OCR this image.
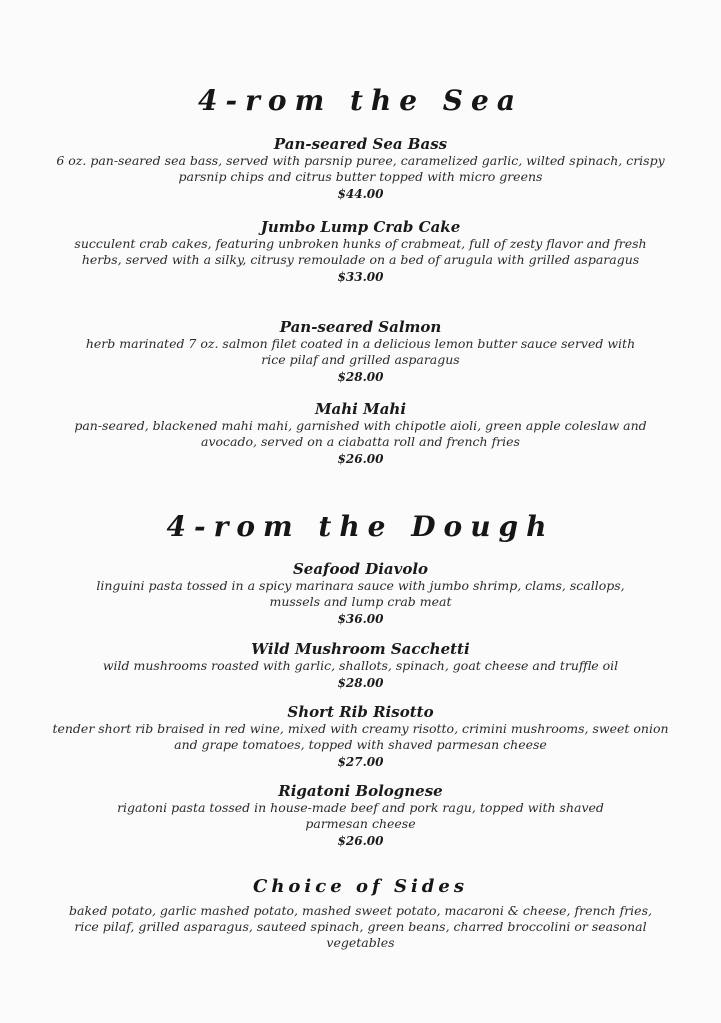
4-rom the Sea

Pan-seared Sea Bass

6 oz. pan-seared sea bass, served with parsnip puree, caramelized garlic, wilted spinach, crispy parsnip chips and citrus butter topped with micro greens

$44.00

Jumbo Lump Crab Cake

succulent crab cakes, featuring unbroken hunks of crabmeat, full of zesty flavor and fresh herbs, served with a silky, citrusy remoulade on a bed of arugula with grilled asparagus

$33.00

Pan-seared Salmon

herb marinated 7 oz. salmon filet coated in a delicious lemon butter sauce served with rice pilaf and grilled asparagus

$28.00

Mahi Mahi

pan-seared, blackened mahi mahi, garnished with chipotle aioli, green apple coleslaw and avocado, served on a ciabatta roll and french fries

$26.00

4-rom the Dough

Seafood Diavolo

linguini pasta tossed in a spicy marinara sauce with jumbo shrimp, clams, scallops, mussels and lump crab meat

$36.00

Wild Mushroom Sacchetti

wild mushrooms roasted with garlic, shallots, spinach, goat cheese and truffle oil

$28.00

Short Rib Risotto

tender short rib braised in red wine, mixed with creamy risotto, crimini mushrooms, sweet onion and grape tomatoes, topped with shaved parmesan cheese

$27.00

Rigatoni Bolognese

rigatoni pasta tossed in house-made beef and pork ragu, topped with shaved parmesan cheese

$26.00

Choice of Sides

baked potato, garlic mashed potato, mashed sweet potato, macaroni & cheese, french fries, rice pilaf, grilled asparagus, sauteed spinach, green beans, charred broccolini or seasonal vegetables
